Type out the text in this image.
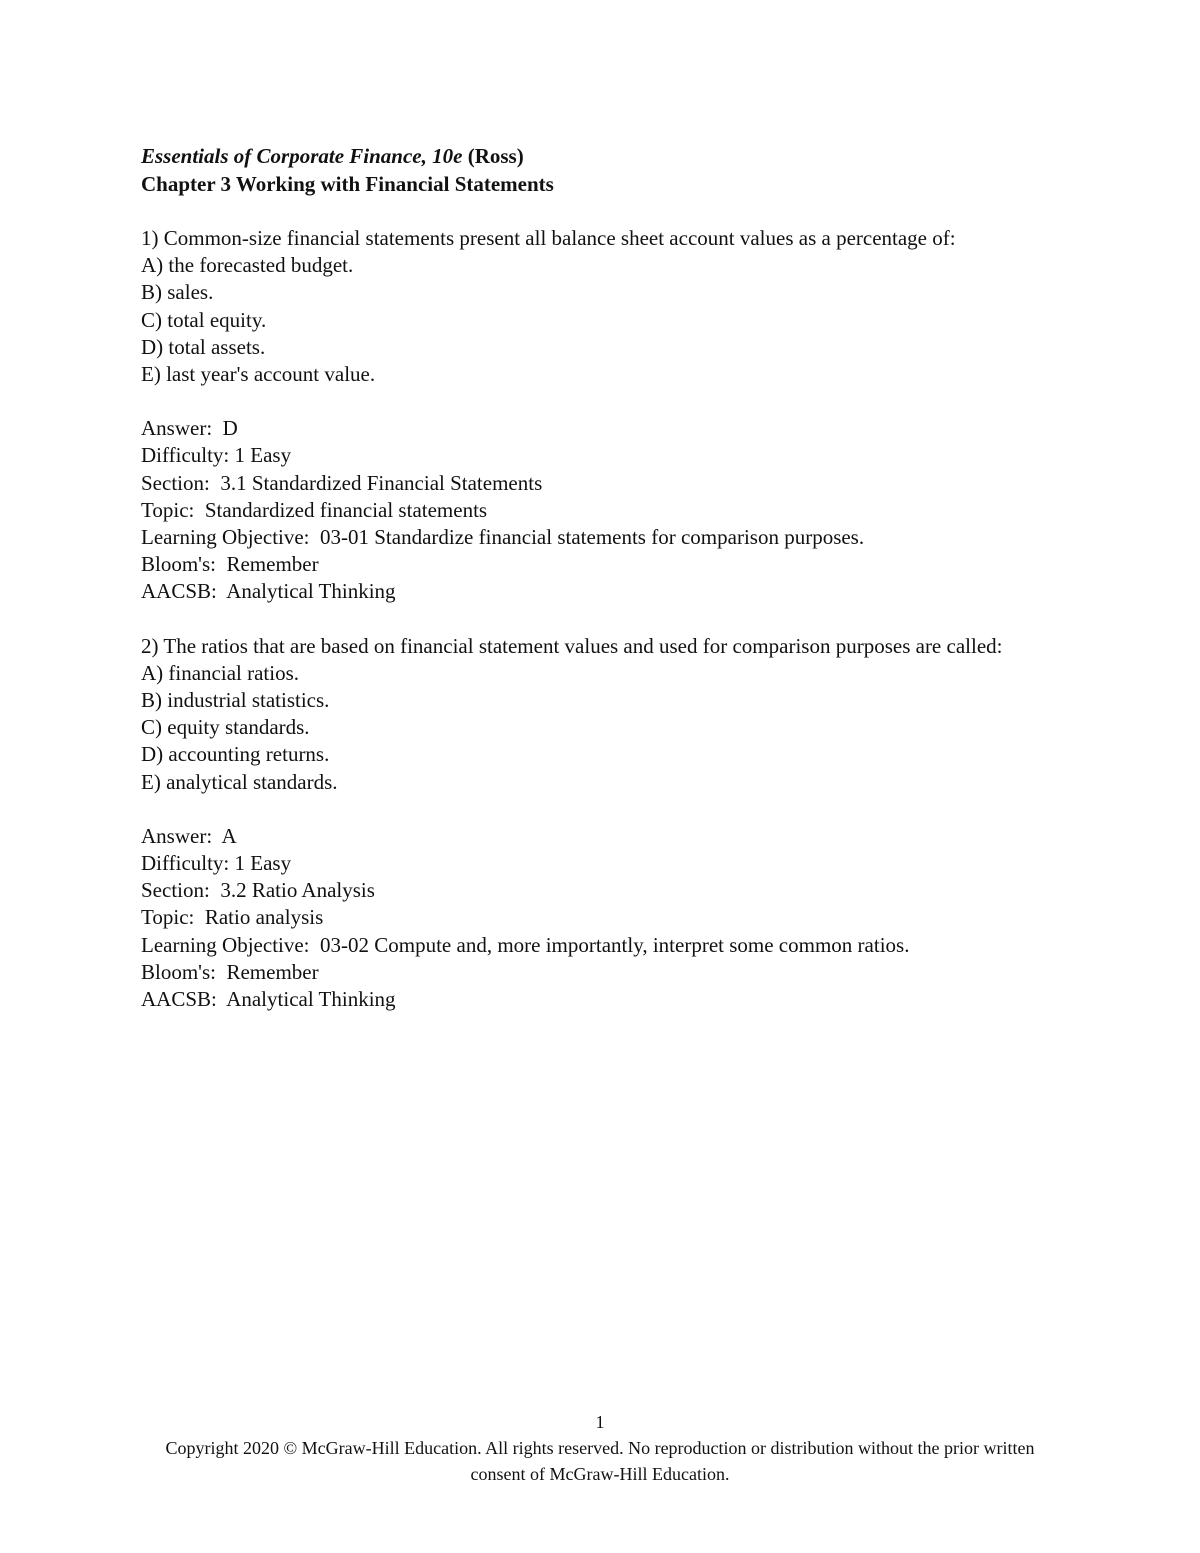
Essentials of Corporate Finance, 10e (Ross)
Chapter 3 Working with Financial Statements
1) Common-size financial statements present all balance sheet account values as a percentage of:
A) the forecasted budget.
B) sales.
C) total equity.
D) total assets.
E) last year's account value.
Answer:  D
Difficulty: 1 Easy
Section:  3.1 Standardized Financial Statements
Topic:  Standardized financial statements
Learning Objective:  03-01 Standardize financial statements for comparison purposes.
Bloom's:  Remember
AACSB:  Analytical Thinking
2) The ratios that are based on financial statement values and used for comparison purposes are called:
A) financial ratios.
B) industrial statistics.
C) equity standards.
D) accounting returns.
E) analytical standards.
Answer:  A
Difficulty: 1 Easy
Section:  3.2 Ratio Analysis
Topic:  Ratio analysis
Learning Objective:  03-02 Compute and, more importantly, interpret some common ratios.
Bloom's:  Remember
AACSB:  Analytical Thinking
1
Copyright 2020 © McGraw-Hill Education. All rights reserved. No reproduction or distribution without the prior written consent of McGraw-Hill Education.
